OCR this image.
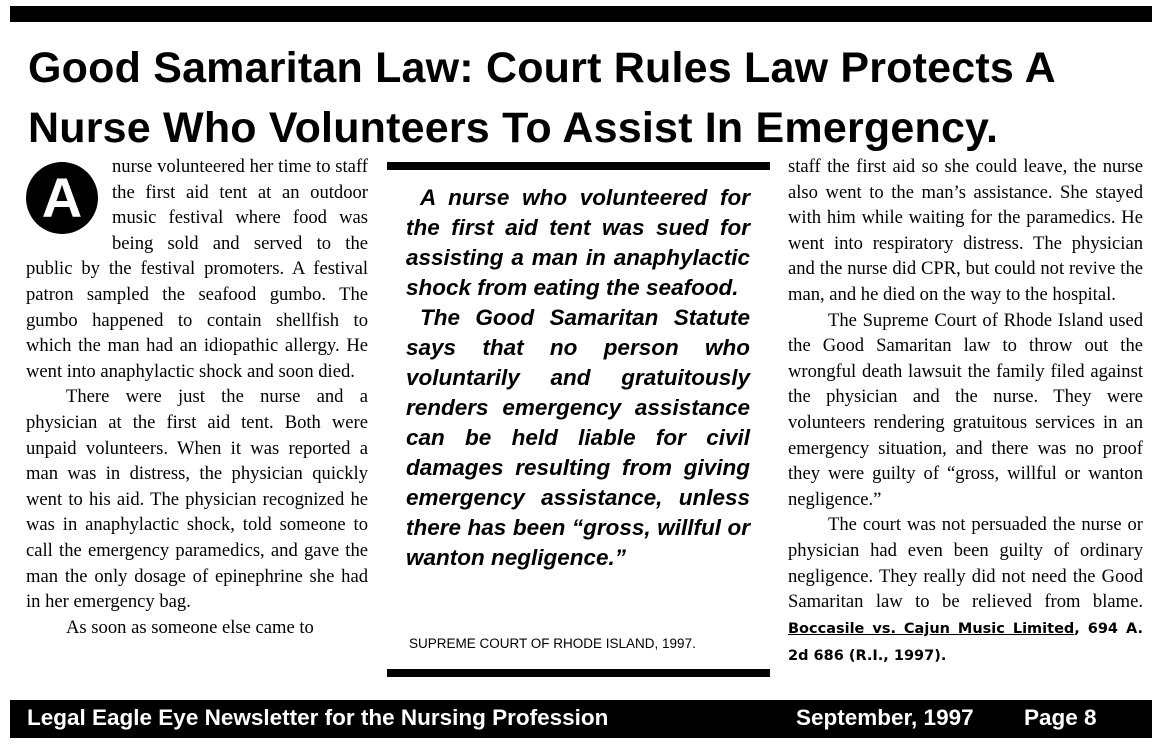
Good Samaritan Law: Court Rules Law Protects A Nurse Who Volunteers To Assist In Emergency.
A	nurse volunteered her time to staff the first aid tent at an outdoor music festival where food was being sold and served to the public by the festival promoters. A festival patron sampled the seafood gumbo. The gumbo happened to contain shellfish to which the man had an idiopathic allergy. He went into anaphylactic shock and soon died.

There were just the nurse and a physician at the first aid tent. Both were unpaid volunteers. When it was reported a man was in distress, the physician quickly went to his aid. The physician recognized he was in anaphylactic shock, told someone to call the emergency paramedics, and gave the man the only dosage of epinephrine she had in her emergency bag.

As soon as someone else came to

A nurse who volunteered for the first aid tent was sued for assisting a man in anaphylactic shock from eating the seafood.

The Good Samaritan Statute says that no person who voluntarily and gratuitously renders emergency assistance can be held liable for civil damages resulting from giving emergency assistance, unless there has been “gross, willful or wanton negligence.”

SUPREME COURT OF RHODE ISLAND, 1997.

staff the first aid so she could leave, the nurse also went to the man’s assistance. She stayed with him while waiting for the paramedics. He went into respiratory distress. The physician and the nurse did CPR, but could not revive the man, and he died on the way to the hospital.

The Supreme Court of Rhode Island used the Good Samaritan law to throw out the wrongful death lawsuit the family filed against the physician and the nurse. They were volunteers rendering gratuitous services in an emergency situation, and there was no proof they were guilty of “gross, willful or wanton negligence.”

The court was not persuaded the nurse or physician had even been guilty of ordinary negligence. They really did not need the Good Samaritan law to be relieved from blame. Boccasile vs. Cajun Music Limited, 694 A. 2d 686 (R.I., 1997).

Legal Eagle Eye Newsletter for the Nursing Profession	September, 1997 Page 8
